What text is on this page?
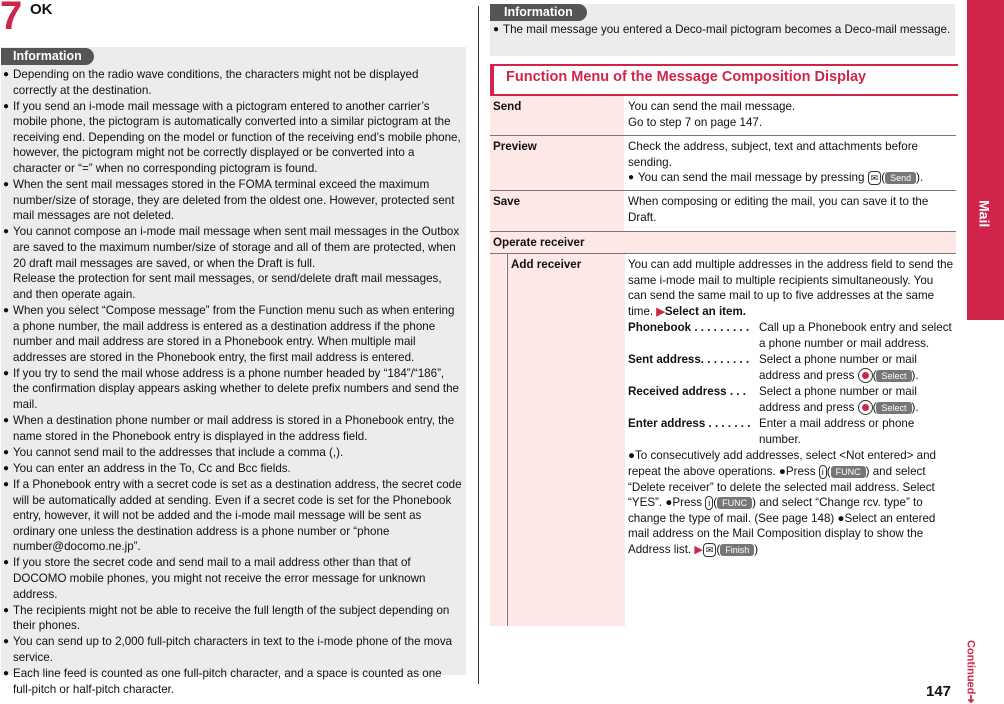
7 OK
Information
● Depending on the radio wave conditions, the characters might not be displayed correctly at the destination.
● If you send an i-mode mail message with a pictogram entered to another carrier’s mobile phone, the pictogram is automatically converted into a similar pictogram at the receiving end. Depending on the model or function of the receiving end’s mobile phone, however, the pictogram might not be correctly displayed or be converted into a character or “=” when no corresponding pictogram is found.
● When the sent mail messages stored in the FOMA terminal exceed the maximum number/size of storage, they are deleted from the oldest one. However, protected sent mail messages are not deleted.
● You cannot compose an i-mode mail message when sent mail messages in the Outbox are saved to the maximum number/size of storage and all of them are protected, when 20 draft mail messages are saved, or when the Draft is full.
Release the protection for sent mail messages, or send/delete draft mail messages, and then operate again.
● When you select “Compose message” from the Function menu such as when entering a phone number, the mail address is entered as a destination address if the phone number and mail address are stored in a Phonebook entry. When multiple mail addresses are stored in the Phonebook entry, the first mail address is entered.
● If you try to send the mail whose address is a phone number headed by “184”/“186”, the confirmation display appears asking whether to delete prefix numbers and send the mail.
● When a destination phone number or mail address is stored in a Phonebook entry, the name stored in the Phonebook entry is displayed in the address field.
● You cannot send mail to the addresses that include a comma (,).
● You can enter an address in the To, Cc and Bcc fields.
● If a Phonebook entry with a secret code is set as a destination address, the secret code will be automatically added at sending. Even if a secret code is set for the Phonebook entry, however, it will not be added and the i-mode mail message will be sent as ordinary one unless the destination address is a phone number or “phone number@docomo.ne.jp”.
● If you store the secret code and send mail to a mail address other than that of DOCOMO mobile phones, you might not receive the error message for unknown address.
● The recipients might not be able to receive the full length of the subject depending on their phones.
● You can send up to 2,000 full-pitch characters in text to the i-mode phone of the mova service.
● Each line feed is counted as one full-pitch character, and a space is counted as one full-pitch or half-pitch character.
Information
● The mail message you entered a Deco-mail pictogram becomes a Deco-mail message.
Function Menu of the Message Composition Display
Send	You can send the mail message.
Go to step 7 on page 147.
Preview	Check the address, subject, text and attachments before sending.
● You can send the mail message by pressing ✉ ( Send ).
Save	When composing or editing the mail, you can save it to the Draft.
Operate receiver
Add receiver	You can add multiple addresses in the address field to send the same i-mode mail to multiple recipients simultaneously. You can send the same mail to up to five addresses at the same time. ▶Select an item.
Phonebook . . . . . . . . . Call up a Phonebook entry and select a phone number or mail address.
Sent address. . . . . . . . Select a phone number or mail address and press ( Select ).
Received address . . . Select a phone number or mail address and press ( Select ).
Enter address . . . . . . . Enter a mail address or phone number.
●To consecutively add addresses, select <Not entered> and repeat the above operations. ●Press i ( FUNC ) and select “Delete receiver” to delete the selected mail address. Select “YES”. ●Press i ( FUNC ) and select “Change rcv. type” to change the type of mail. (See page 148) ●Select an entered mail address on the Mail Composition display to show the Address list. ▶ ✉ ( Finish )
Mail
Continued➜
147
